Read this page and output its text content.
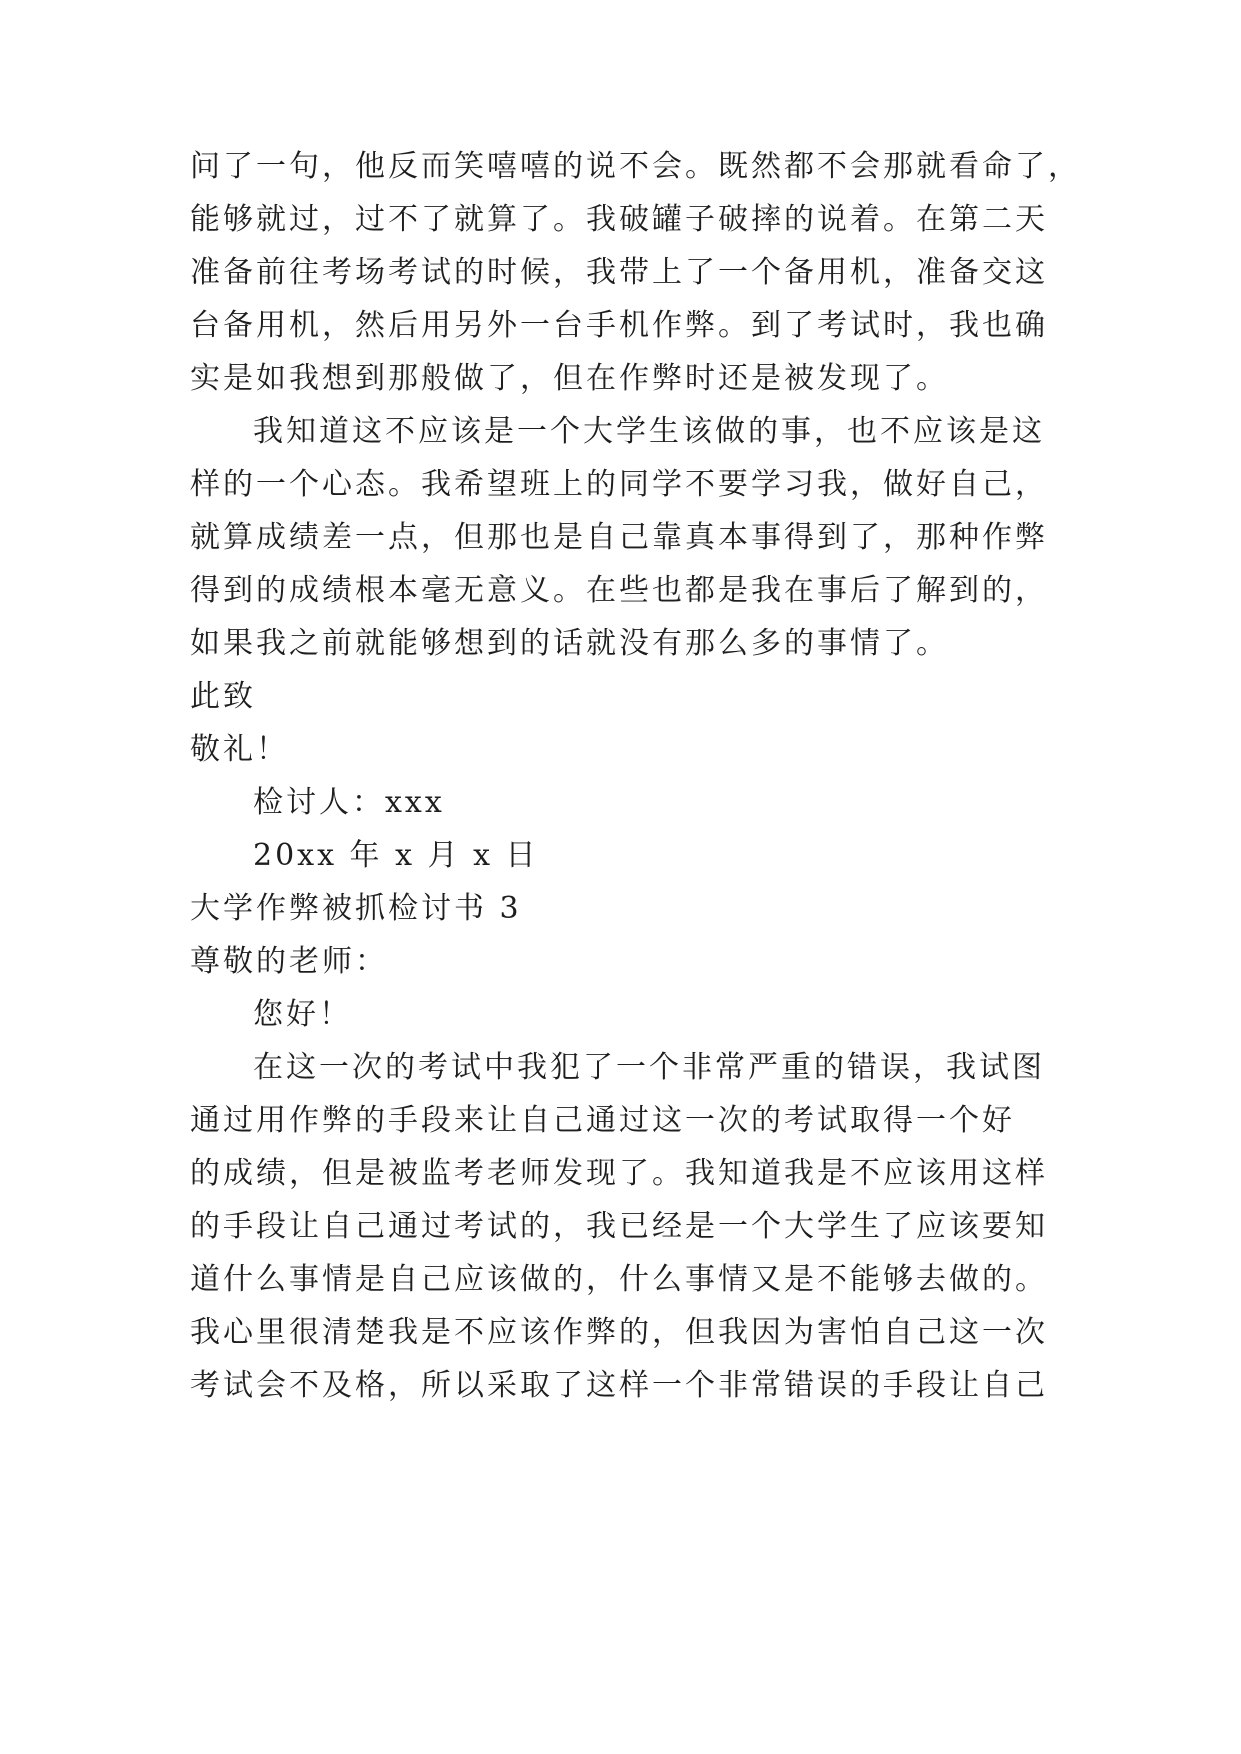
问了一句，他反而笑嘻嘻的说不会。既然都不会那就看命了，
能够就过，过不了就算了。我破罐子破摔的说着。在第二天
准备前往考场考试的时候，我带上了一个备用机，准备交这
台备用机，然后用另外一台手机作弊。到了考试时，我也确
实是如我想到那般做了，但在作弊时还是被发现了。
我知道这不应该是一个大学生该做的事，也不应该是这
样的一个心态。我希望班上的同学不要学习我，做好自己，
就算成绩差一点，但那也是自己靠真本事得到了，那种作弊
得到的成绩根本毫无意义。在些也都是我在事后了解到的，
如果我之前就能够想到的话就没有那么多的事情了。
此致
敬礼！
检讨人：xxx
20xx 年 x 月 x 日
大学作弊被抓检讨书 3
尊敬的老师：
您好！
在这一次的考试中我犯了一个非常严重的错误，我试图
通过用作弊的手段来让自己通过这一次的考试取得一个好
的成绩，但是被监考老师发现了。我知道我是不应该用这样
的手段让自己通过考试的，我已经是一个大学生了应该要知
道什么事情是自己应该做的，什么事情又是不能够去做的。
我心里很清楚我是不应该作弊的，但我因为害怕自己这一次
考试会不及格，所以采取了这样一个非常错误的手段让自己
